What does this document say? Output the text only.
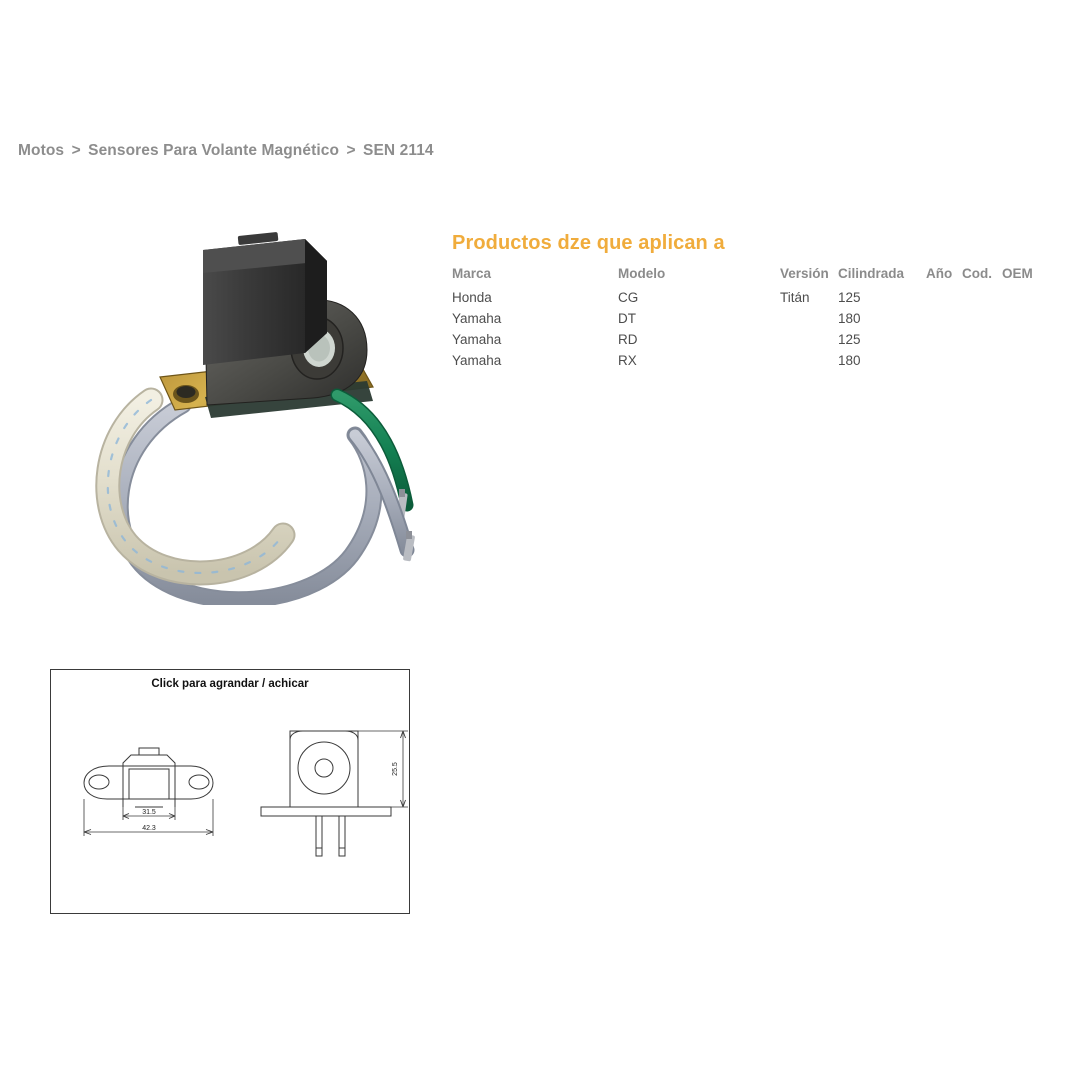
Motos > Sensores Para Volante Magnético > SEN 2114
Productos dze que aplican a
Marca	Modelo	Versión	Cilindrada	Año	Cod.	OEM
Honda	CG	Titán	125			
Yamaha	DT		180			
Yamaha	RD		125			
Yamaha	RX		180			
Click para agrandar / achicar
31.5
42.3
25.5
